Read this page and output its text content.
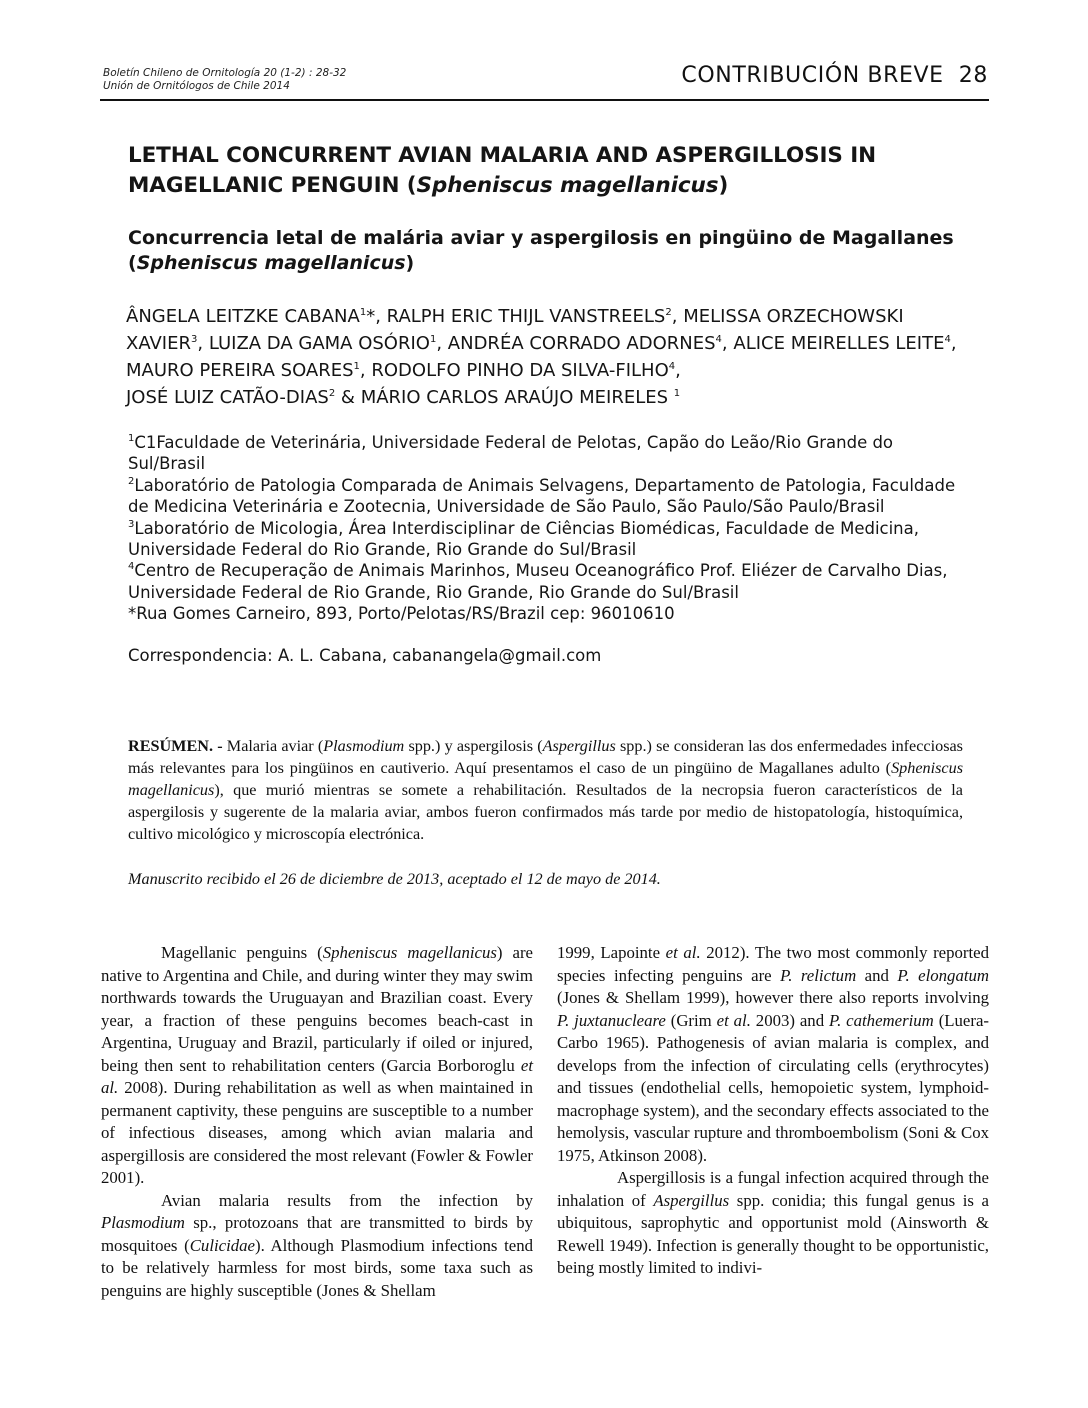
Boletín Chileno de Ornitología 20 (1-2) : 28-32
Unión de Ornitólogos de Chile 2014	CONTRIBUCIÓN BREVE  28
LETHAL CONCURRENT AVIAN MALARIA AND ASPERGILLOSIS IN MAGELLANIC PENGUIN (Spheniscus magellanicus)
Concurrencia letal de malária aviar y aspergilosis en pingüino de Magallanes (Spheniscus magellanicus)
ÂNGELA LEITZKE CABANA$^1$*, RALPH ERIC THIJL VANSTREELS$^2$, MELISSA ORZECHOWSKI XAVIER$^3$, LUIZA DA GAMA OSÓRIO$^1$, ANDRÉA CORRADO ADORNES$^4$, ALICE MEIRELLES LEITE$^4$, MAURO PEREIRA SOARES$^1$, RODOLFO PINHO DA SILVA-FILHO$^4$,
JOSÉ LUIZ CATÃO-DIAS$^2$ & MÁRIO CARLOS ARAÚJO MEIRELES $^1$
$^1$C1Faculdade de Veterinária, Universidade Federal de Pelotas, Capão do Leão/Rio Grande do Sul/Brasil
$^2$Laboratório de Patologia Comparada de Animais Selvagens, Departamento de Patologia, Faculdade de Medicina Veterinária e Zootecnia, Universidade de São Paulo, São Paulo/São Paulo/Brasil
$^3$Laboratório de Micologia, Área Interdisciplinar de Ciências Biomédicas, Faculdade de Medicina, Universidade Federal do Rio Grande, Rio Grande do Sul/Brasil
$^4$Centro de Recuperação de Animais Marinhos, Museu Oceanográfico Prof. Eliézer de Carvalho Dias, Universidade Federal de Rio Grande, Rio Grande, Rio Grande do Sul/Brasil
*Rua Gomes Carneiro, 893, Porto/Pelotas/RS/Brazil cep: 96010610
Correspondencia: A. L. Cabana, cabanangela@gmail.com
RESÚMEN. - Malaria aviar (Plasmodium spp.) y aspergilosis (Aspergillus spp.) se consideran las dos enfermedades infecciosas más relevantes para los pingüinos en cautiverio. Aquí presentamos el caso de un pingüino de Magallanes adulto (Spheniscus magellanicus), que murió mientras se somete a rehabilitación. Resultados de la necropsia fueron característicos de la aspergilosis y sugerente de la malaria aviar, ambos fueron confirmados más tarde por medio de histopatología, histoquímica, cultivo micológico y microscopía electrónica.
Manuscrito recibido el 26 de diciembre de 2013, aceptado el 12 de mayo de 2014.

Magellanic penguins (Spheniscus magellanicus) are native to Argentina and Chile, and during winter they may swim northwards towards the Uruguayan and Brazilian coast. Every year, a fraction of these penguins becomes beach-cast in Argentina, Uruguay and Brazil, particularly if oiled or injured, being then sent to rehabilitation centers (Garcia Borboroglu et al. 2008). During rehabilitation as well as when maintained in permanent captivity, these penguins are susceptible to a number of infectious diseases, among which avian malaria and aspergillosis are considered the most relevant (Fowler & Fowler 2001).

Avian malaria results from the infection by Plasmodium sp., protozoans that are transmitted to birds by mosquitoes (Culicidae). Although Plasmodium infections tend to be relatively harmless for most birds, some taxa such as penguins are highly susceptible (Jones & Shellam

1999, Lapointe et al. 2012). The two most commonly reported species infecting penguins are P. relictum and P. elongatum (Jones & Shellam 1999), however there also reports involving P. juxtanucleare (Grim et al. 2003) and P. cathemerium (Luera- Carbo 1965). Pathogenesis of avian malaria is complex, and develops from the infection of circulating cells (erythrocytes) and tissues (endothelial cells, hemopoietic system, lymphoid-macrophage system), and the secondary effects associated to the hemolysis, vascular rupture and thromboembolism (Soni & Cox 1975, Atkinson 2008).

Aspergillosis is a fungal infection acquired through the inhalation of Aspergillus spp. conidia; this fungal genus is a ubiquitous, saprophytic and opportunist mold (Ainsworth & Rewell 1949). Infection is generally thought to be opportunistic, being mostly limited to indivi-
